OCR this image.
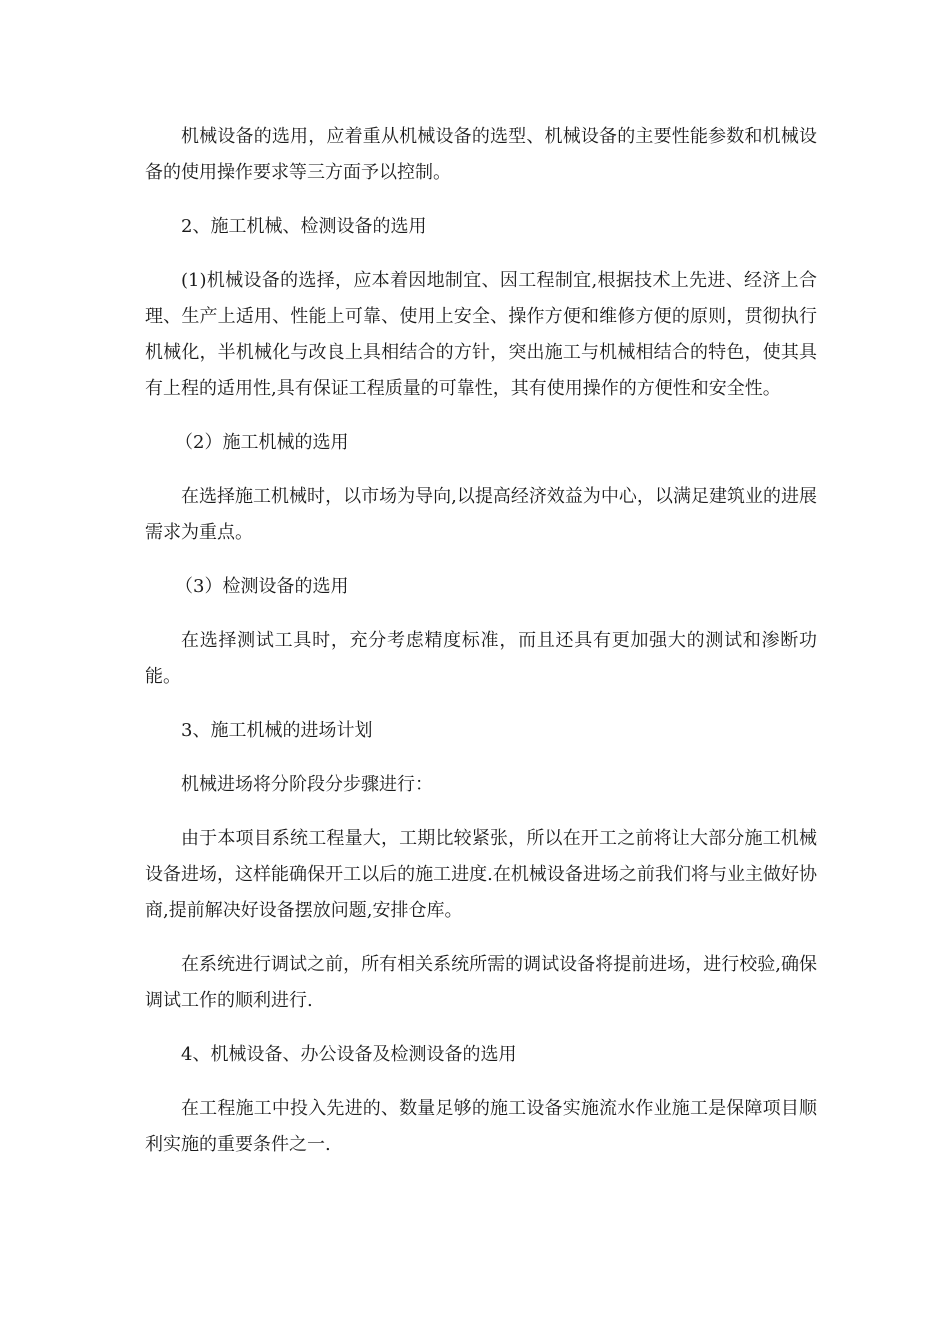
机械设备的选用，应着重从机械设备的选型、机械设备的主要性能参数和机械设备的使用操作要求等三方面予以控制。

2、施工机械、检测设备的选用

(1)机械设备的选择，应本着因地制宜、因工程制宜,根据技术上先进、经济上合理、生产上适用、性能上可靠、使用上安全、操作方便和维修方便的原则，贯彻执行机械化，半机械化与改良上具相结合的方针，突出施工与机械相结合的特色，使其具有上程的适用性,具有保证工程质量的可靠性，其有使用操作的方便性和安全性。

（2）施工机械的选用

在选择施工机械时，以市场为导向,以提高经济效益为中心，以满足建筑业的进展需求为重点。

（3）检测设备的选用

在选择测试工具时，充分考虑精度标准，而且还具有更加强大的测试和渗断功能。

3、施工机械的进场计划

机械进场将分阶段分步骤进行：

由于本项目系统工程量大，工期比较紧张，所以在开工之前将让大部分施工机械设备进场，这样能确保开工以后的施工进度.在机械设备进场之前我们将与业主做好协商,提前解决好设备摆放问题,安排仓库。

在系统进行调试之前，所有相关系统所需的调试设备将提前进场，进行校验,确保调试工作的顺利进行.

4、机械设备、办公设备及检测设备的选用

在工程施工中投入先进的、数量足够的施工设备实施流水作业施工是保障项目顺利实施的重要条件之一.
